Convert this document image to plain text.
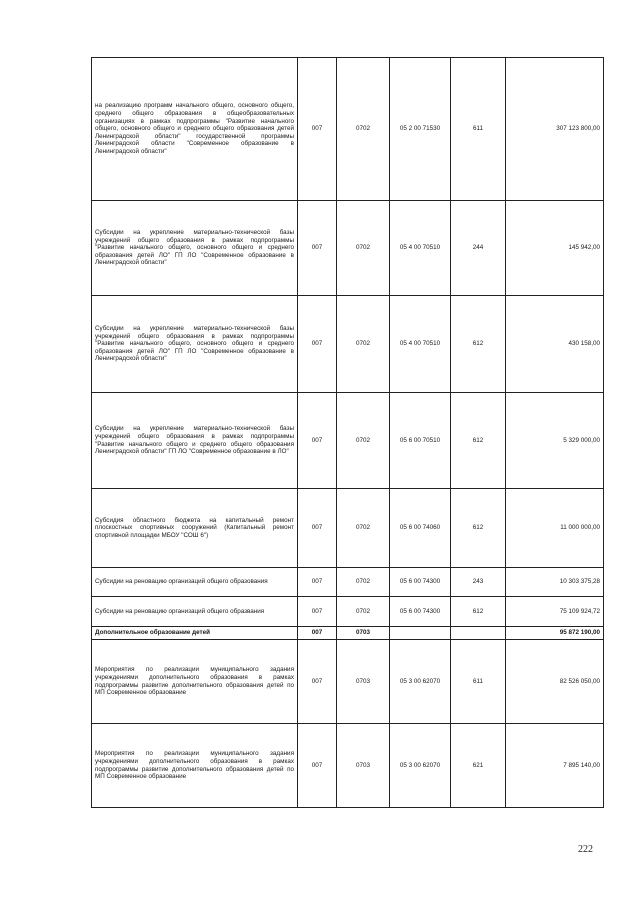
на реализацию программ начального общего, основного общего, среднего общего образования в общеобразовательных организациях в рамках подпрограммы "Развитие начального общего, основного общего и среднего общего образования детей Ленинградской области" государственной программы Ленинградской области "Современное образование в Ленинградской области"	007	0702	05 2 00 71530	611	307 123 800,00
Субсидии на укрепление материально-технической базы учреждений общего образования в рамках подпрограммы "Развитие начального общего, основного общего и среднего образования детей ЛО" ГП ЛО "Современное образование в Ленинградской области"	007	0702	05 4 00 70510	244	145 942,00
Субсидии на укрепление материально-технической базы учреждений общего образования в рамках подпрограммы "Развитие начального общего, основного общего и среднего образования детей ЛО" ГП ЛО "Современное образование в Ленинградской области"	007	0702	05 4 00 70510	612	430 158,00
Субсидии на укрепление материально-технической базы учреждений общего образования в рамках подпрограммы "Развитие начального общего и среднего общего образования Ленинградской области" ГП ЛО "Современное образование в ЛО"	007	0702	05 6 00 70510	612	5 329 000,00
Субсидия областного бюджета на капитальный ремонт плоскостных спортивных сооружений (Капитальный ремонт спортивной площадки МБОУ "СОШ 6")	007	0702	05 6 00 74060	612	11 000 000,00
Субсидии на реновацию организаций общего образования	007	0702	05 6 00 74300	243	10 303 375,28
Субсидии на реновацию организаций общего образвания	007	0702	05 6 00 74300	612	75 109 924,72
Дополнительное образование детей	007	0703			95 872 190,00
Мероприятия по реализации муниципального задания учреждениями дополнительного образования в рамках подпрограммы развитие дополнительного образования детей по МП Современное образование	007	0703	05 3 00 62070	611	82 526 050,00
Мероприятия по реализации муниципального задания учреждениями дополнительного образования в рамках подпрограммы развитие дополнительного образования детей по МП Современное образование	007	0703	05 3 00 62070	621	7 895 140,00
222
